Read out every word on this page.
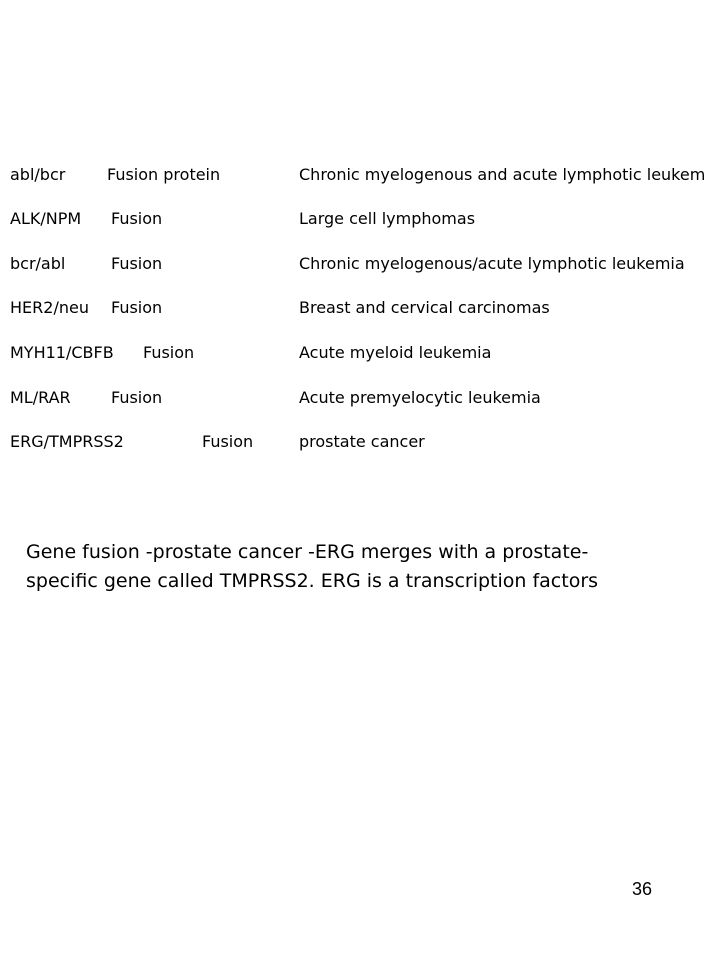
abl/bcr	Fusion protein	Chronic myelogenous and acute lymphotic leukem
ALK/NPM Fusion	Large cell lymphomas
bcr/abl	Fusion	Chronic myelogenous/acute lymphotic leukemia
HER2/neu Fusion	Breast and cervical carcinomas
MYH11/CBFB Fusion	Acute myeloid leukemia
ML/RAR	Fusion	Acute premyelocytic leukemia
ERG/TMPRSS2	Fusion	prostate cancer
Gene fusion -prostate cancer -ERG merges with a prostate-
specific gene called TMPRSS2. ERG is a transcription factors
36
